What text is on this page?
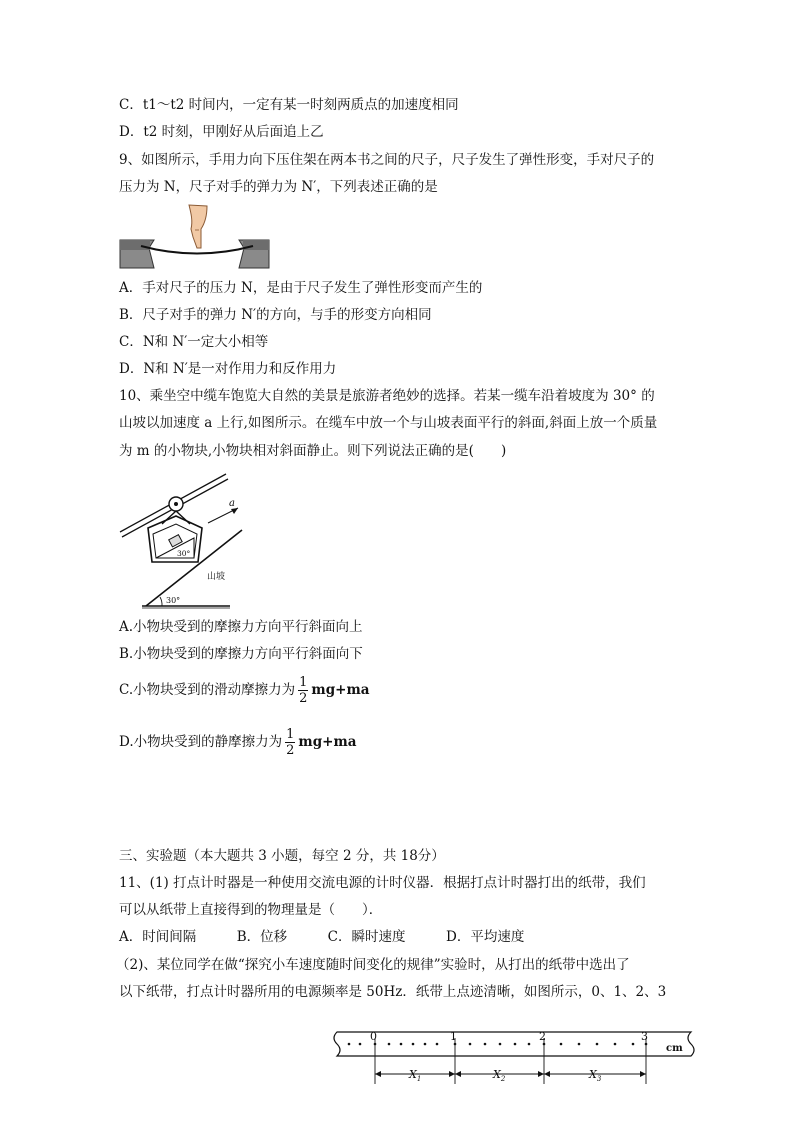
C．t1～t2 时间内，一定有某一时刻两质点的加速度相同
D．t2 时刻，甲刚好从后面追上乙
9、如图所示，手用力向下压住架在两本书之间的尺子，尺子发生了弹性形变，手对尺子的
压力为 N，尺子对手的弹力为 N′，下列表述正确的是
A．手对尺子的压力 N，是由于尺子发生了弹性形变而产生的
B．尺子对手的弹力 N′的方向，与手的形变方向相同
C．N和 N′一定大小相等
D．N和 N′是一对作用力和反作用力
10、乘坐空中缆车饱览大自然的美景是旅游者绝妙的选择。若某一缆车沿着坡度为 30° 的
山坡以加速度 a 上行,如图所示。在缆车中放一个与山坡表面平行的斜面,斜面上放一个质量
为 m 的小物块,小物块相对斜面静止。则下列说法正确的是(　　)
30°
a
30°
山坡
A.小物块受到的摩擦力方向平行斜面向上
B.小物块受到的摩擦力方向平行斜面向下
C.小物块受到的滑动摩擦力为 $\frac{1}{2} mg+ma$
D.小物块受到的静摩擦力为 $\frac{1}{2} mg+ma$
三、实验题（本大题共 3 小题，每空 2 分，共 18分）
11、(1) 打点计时器是一种使用交流电源的计时仪器．根据打点计时器打出的纸带，我们
可以从纸带上直接得到的物理量是（　　）．
A．时间间隔　　　B．位移　　　C．瞬时速度　　　D．平均速度
（2)、某位同学在做“探究小车速度随时间变化的规律”实验时，从打出的纸带中选出了
以下纸带，打点计时器所用的电源频率是 50Hz．纸带上点迹清晰，如图所示，0、1、2、3
0	1	2	3
cm
$X_1$	$X_2$	$X_3$
